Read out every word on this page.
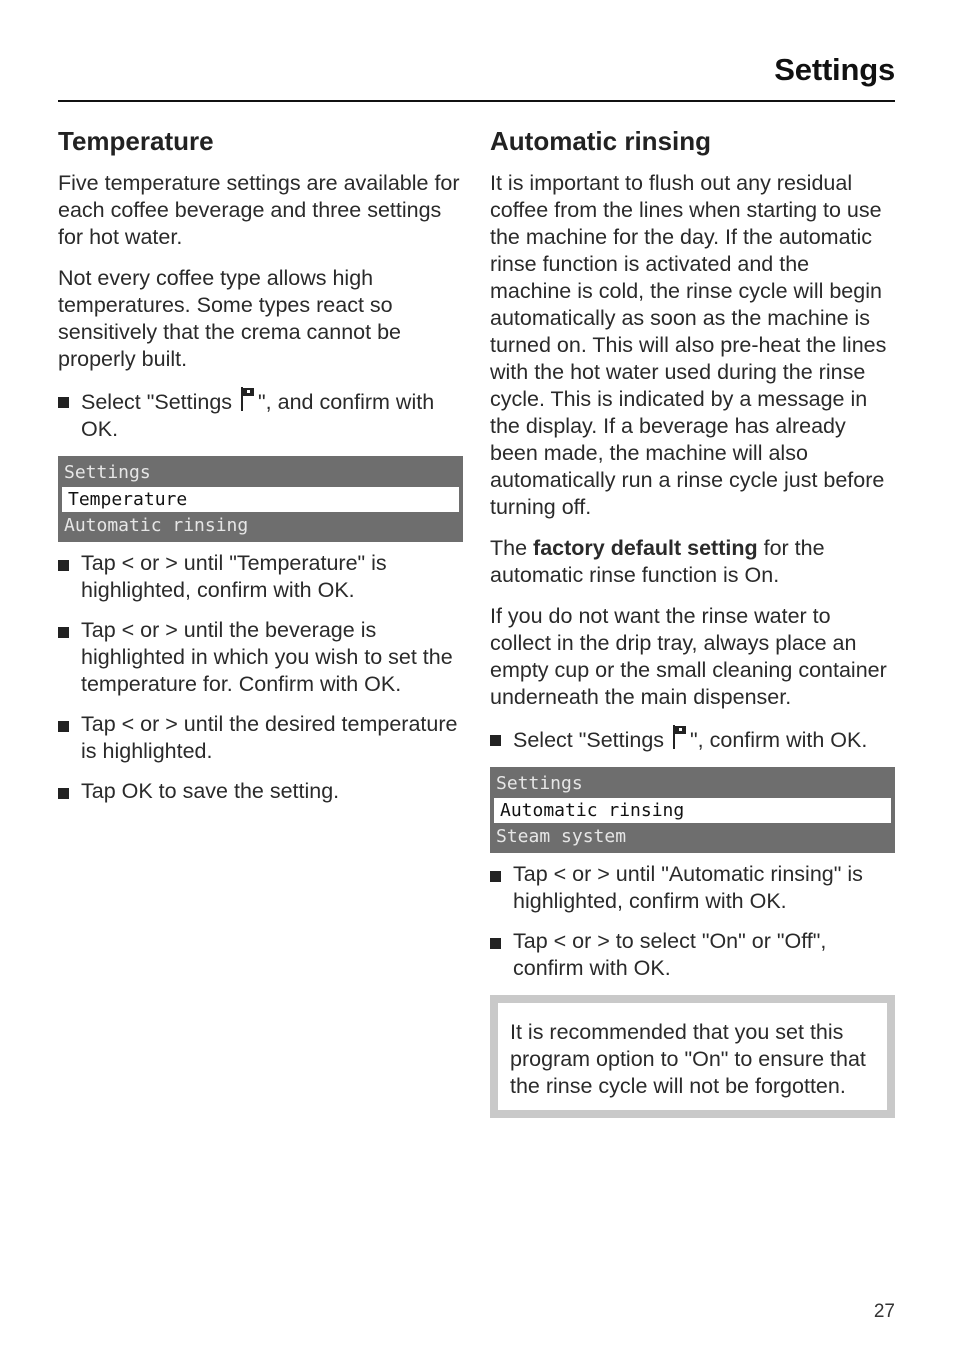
Settings
Temperature

Five temperature settings are available for each coffee beverage and three settings for hot water.

Not every coffee type allows high temperatures. Some types react so sensitively that the crema cannot be properly built.

Select "Settings
", and confirm with OK.
Settings
Temperature
Automatic rinsing
Tap < or > until "Temperature" is highlighted, confirm with OK.
Tap < or > until the beverage is highlighted in which you wish to set the temperature for. Confirm with OK.
Tap < or > until the desired temperature is highlighted.
Tap OK to save the setting.
Automatic rinsing

It is important to flush out any residual coffee from the lines when starting to use the machine for the day. If the automatic rinse function is activated and the machine is cold, the rinse cycle will begin automatically as soon as the machine is turned on. This will also pre-heat the lines with the hot water used during the rinse cycle. This is indicated by a message in the display. If a beverage has already been made, the machine will also automatically run a rinse cycle just before turning off.

The factory default setting for the automatic rinse function is On.

If you do not want the rinse water to collect in the drip tray, always place an empty cup or the small cleaning container underneath the main dispenser.

Select "Settings
", confirm with OK.
Settings
Automatic rinsing
Steam system
Tap < or > until "Automatic rinsing" is highlighted, confirm with OK.
Tap < or > to select "On" or "Off", confirm with OK.

It is recommended that you set this program option to "On" to ensure that the rinse cycle will not be forgotten.

27
